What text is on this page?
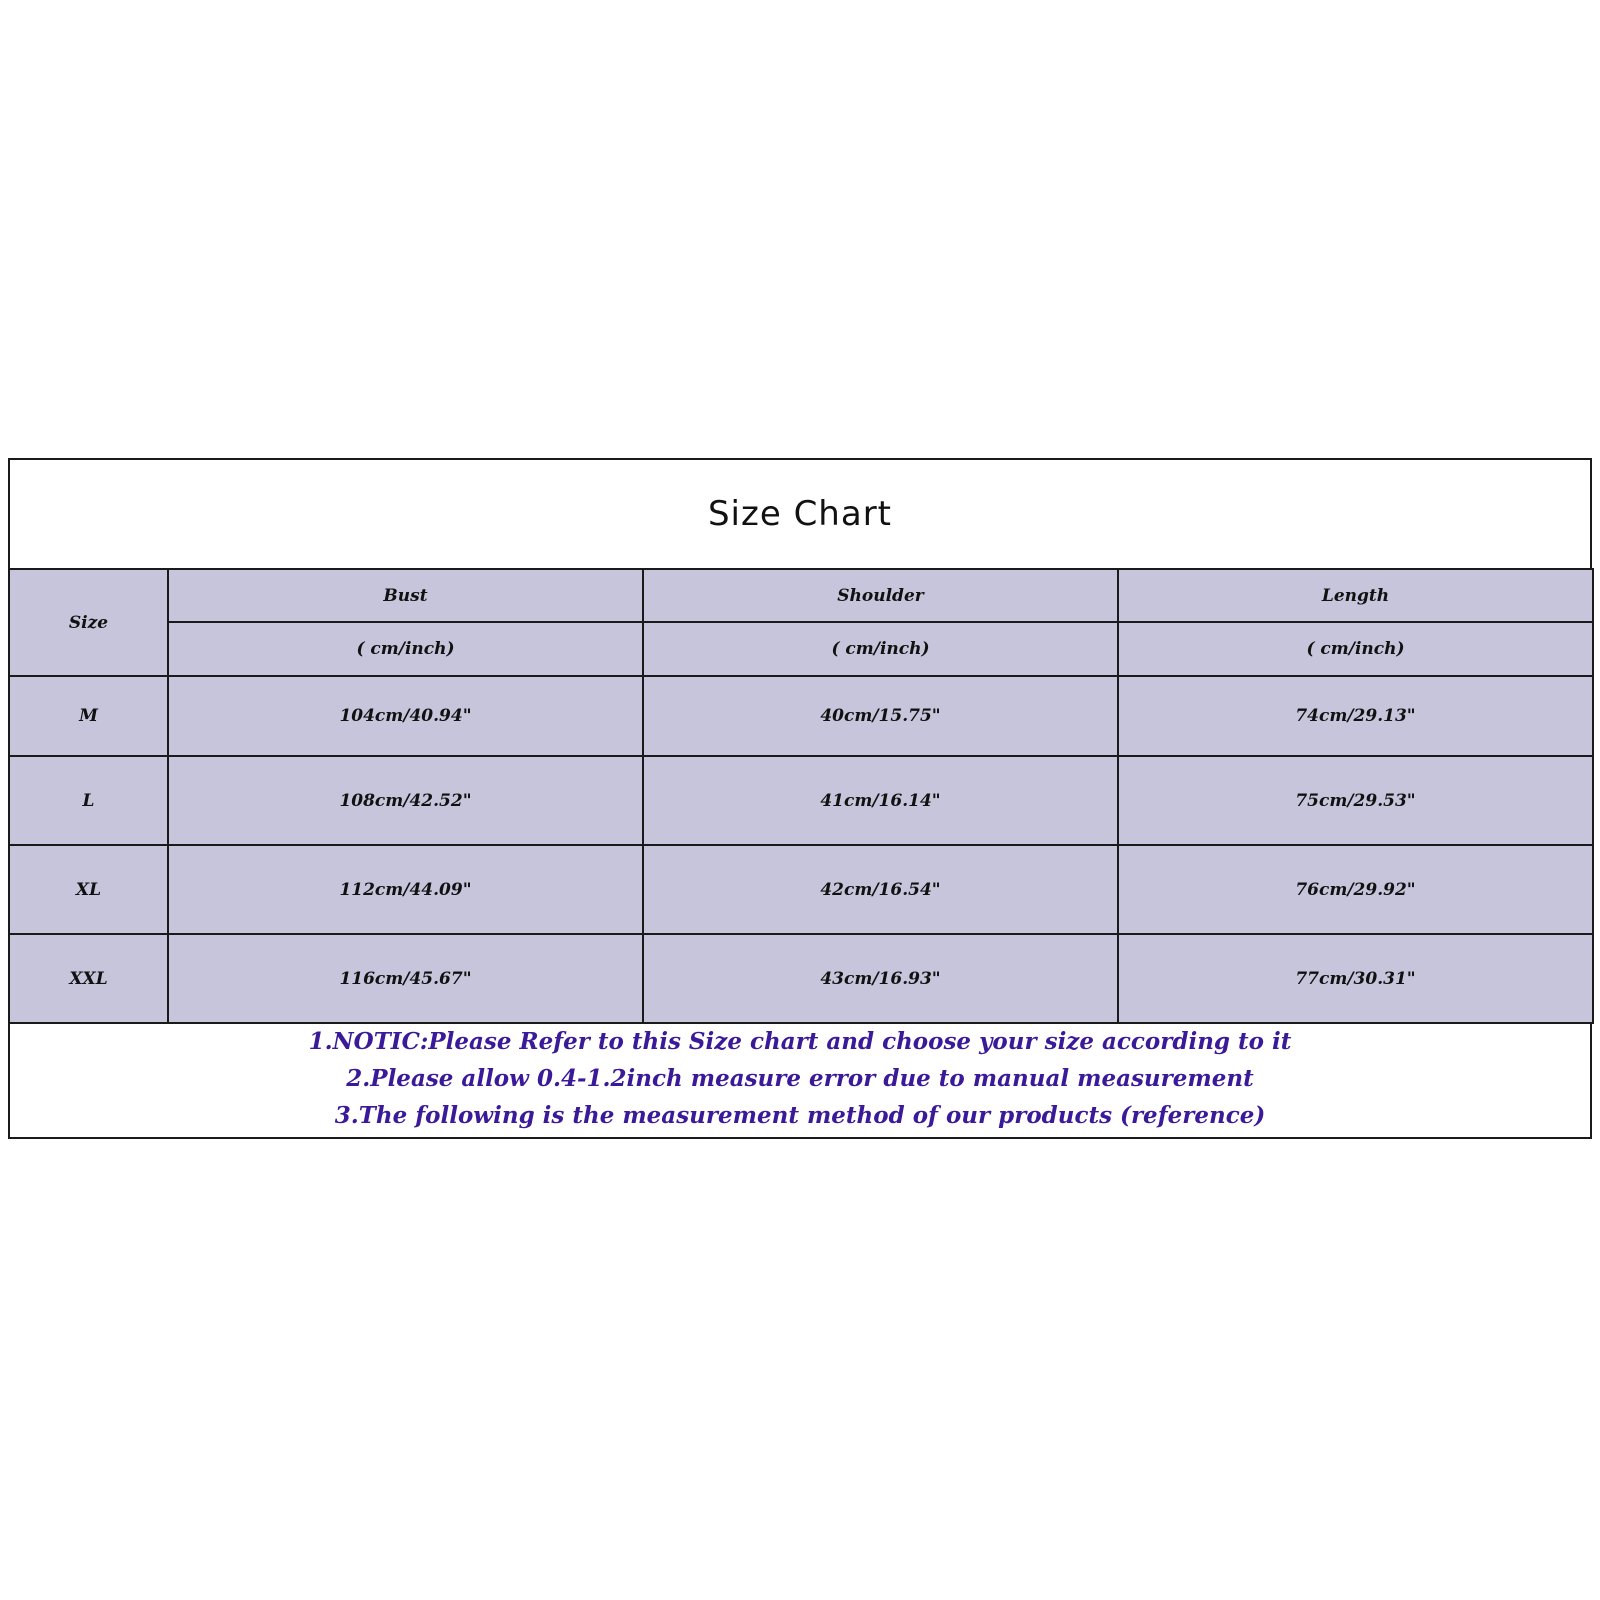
Size Chart
Size	Bust	Shoulder	Length
	( cm/inch)	( cm/inch)	( cm/inch)
M	104cm/40.94"	40cm/15.75"	74cm/29.13"
L	108cm/42.52"	41cm/16.14"	75cm/29.53"
XL	112cm/44.09"	42cm/16.54"	76cm/29.92"
XXL	116cm/45.67"	43cm/16.93"	77cm/30.31"
1.NOTIC:Please Refer to this Size chart and choose your size according to it
2.Please allow 0.4-1.2inch measure error due to manual measurement
3.The following is the measurement method of our products (reference)
